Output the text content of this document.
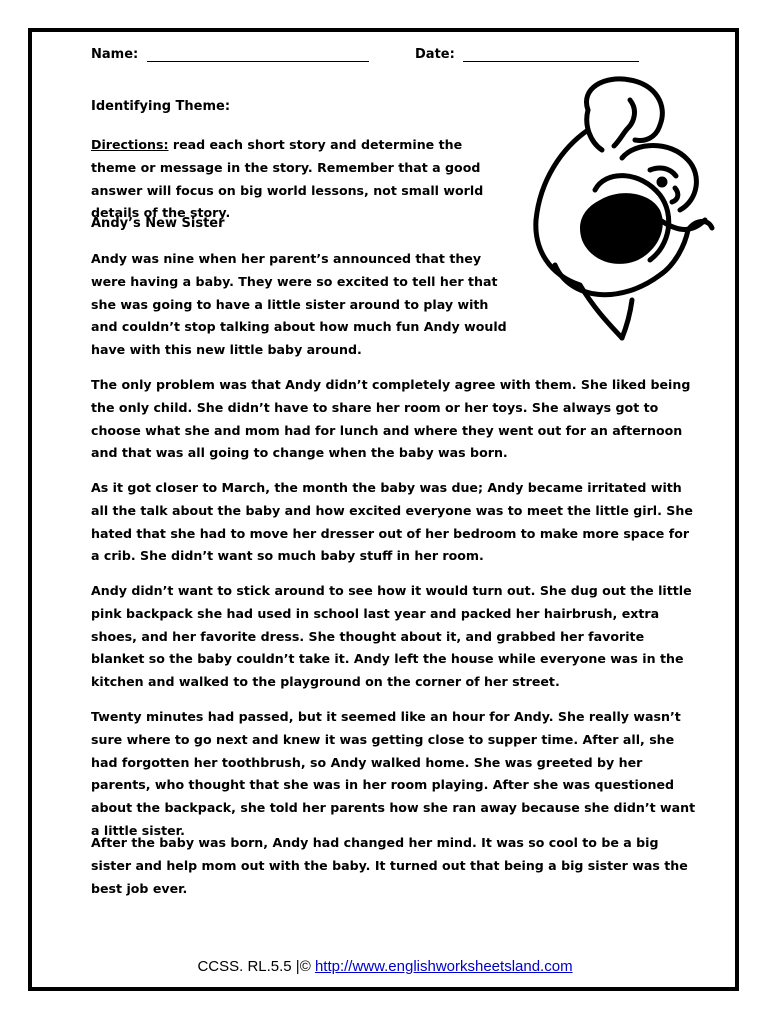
Name:	Date:
Identifying Theme:

Directions: read each short story and determine the theme or message in the story. Remember that a good answer will focus on big world lessons, not small world details of the story.

Andy’s New Sister

Andy was nine when her parent’s announced that they were having a baby. They were so excited to tell her that she was going to have a little sister around to play with and couldn’t stop talking about how much fun Andy would have with this new little baby around.

The only problem was that Andy didn’t completely agree with them. She liked being the only child. She didn’t have to share her room or her toys. She always got to choose what she and mom had for lunch and where they went out for an afternoon and that was all going to change when the baby was born.

As it got closer to March, the month the baby was due; Andy became irritated with all the talk about the baby and how excited everyone was to meet the little girl. She hated that she had to move her dresser out of her bedroom to make more space for a crib. She didn’t want so much baby stuff in her room.

Andy didn’t want to stick around to see how it would turn out. She dug out the little pink backpack she had used in school last year and packed her hairbrush, extra shoes, and her favorite dress. She thought about it, and grabbed her favorite blanket so the baby couldn’t take it. Andy left the house while everyone was in the kitchen and walked to the playground on the corner of her street.

Twenty minutes had passed, but it seemed like an hour for Andy. She really wasn’t sure where to go next and knew it was getting close to supper time. After all, she had forgotten her toothbrush, so Andy walked home. She was greeted by her parents, who thought that she was in her room playing. After she was questioned about the backpack, she told her parents how she ran away because she didn’t want a little sister.

After the baby was born, Andy had changed her mind. It was so cool to be a big sister and help mom out with the baby. It turned out that being a big sister was the best job ever.

CCSS. RL.5.5 |© http://www.englishworksheetsland.com
